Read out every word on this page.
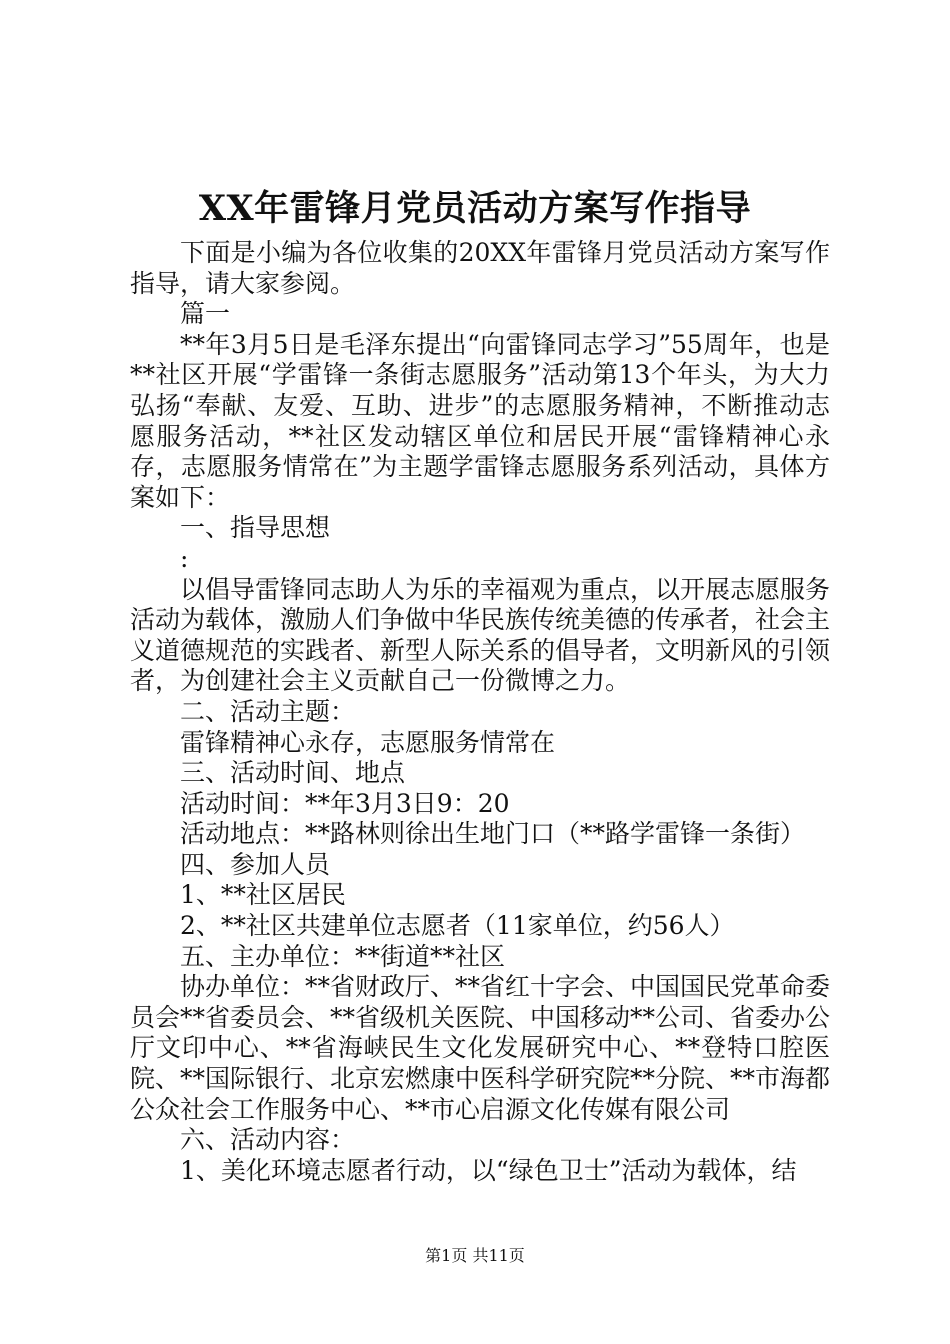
XX年雷锋月党员活动方案写作指导

下面是小编为各位收集的20XX年雷锋月党员活动方案写作指导，请大家参阅。

篇一

**年3月5日是毛泽东提出“向雷锋同志学习”55周年，也是**社区开展“学雷锋一条街志愿服务”活动第13个年头，为大力弘扬“奉献、友爱、互助、进步”的志愿服务精神，不断推动志愿服务活动，**社区发动辖区单位和居民开展“雷锋精神心永存，志愿服务情常在”为主题学雷锋志愿服务系列活动，具体方案如下：

一、指导思想

:

以倡导雷锋同志助人为乐的幸福观为重点，以开展志愿服务活动为载体，激励人们争做中华民族传统美德的传承者，社会主义道德规范的实践者、新型人际关系的倡导者，文明新风的引领者，为创建社会主义贡献自己一份微博之力。

二、活动主题：

雷锋精神心永存，志愿服务情常在

三、活动时间、地点

活动时间：**年3月3日9：20

活动地点：**路林则徐出生地门口（**路学雷锋一条街）

四、参加人员

1、**社区居民

2、**社区共建单位志愿者（11家单位，约56人）

五、主办单位：**街道**社区

协办单位：**省财政厅、**省红十字会、中国国民党革命委员会**省委员会、**省级机关医院、中国移动**公司、省委办公厅文印中心、**省海峡民生文化发展研究中心、**登特口腔医院、**国际银行、北京宏燃康中医科学研究院**分院、**市海都公众社会工作服务中心、**市心启源文化传媒有限公司

六、活动内容：

1、美化环境志愿者行动，以“绿色卫士”活动为载体，结

第1页 共11页
